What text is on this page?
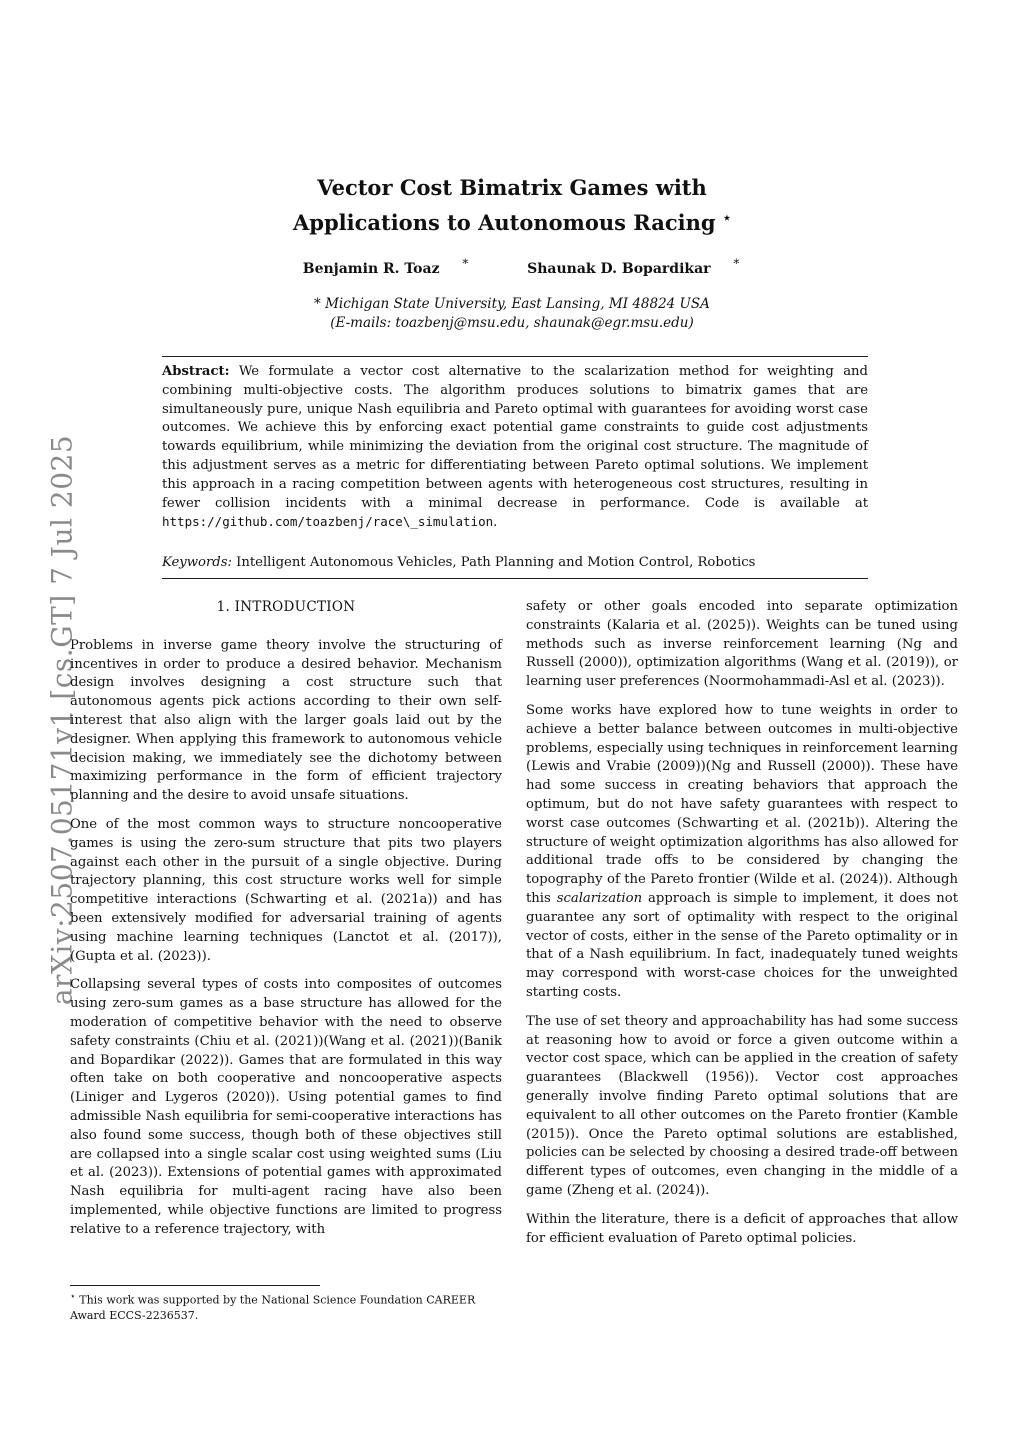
arXiv:2507.05171v1 [cs.GT] 7 Jul 2025
Vector Cost Bimatrix Games with
Applications to Autonomous Racing ⋆
Benjamin R. Toaz *	Shaunak D. Bopardikar *
* Michigan State University, East Lansing, MI 48824 USA
(E-mails: toazbenj@msu.edu, shaunak@egr.msu.edu)
Abstract: We formulate a vector cost alternative to the scalarization method for weighting and combining multi-objective costs. The algorithm produces solutions to bimatrix games that are simultaneously pure, unique Nash equilibria and Pareto optimal with guarantees for avoiding worst case outcomes. We achieve this by enforcing exact potential game constraints to guide cost adjustments towards equilibrium, while minimizing the deviation from the original cost structure. The magnitude of this adjustment serves as a metric for differentiating between Pareto optimal solutions. We implement this approach in a racing competition between agents with heterogeneous cost structures, resulting in fewer collision incidents with a minimal decrease in performance. Code is available at https://github.com/toazbenj/race\_simulation.
Keywords: Intelligent Autonomous Vehicles, Path Planning and Motion Control, Robotics
1. INTRODUCTION

Problems in inverse game theory involve the structuring of incentives in order to produce a desired behavior. Mechanism design involves designing a cost structure such that autonomous agents pick actions according to their own self-interest that also align with the larger goals laid out by the designer. When applying this framework to autonomous vehicle decision making, we immediately see the dichotomy between maximizing performance in the form of efficient trajectory planning and the desire to avoid unsafe situations.

One of the most common ways to structure noncooperative games is using the zero-sum structure that pits two players against each other in the pursuit of a single objective. During trajectory planning, this cost structure works well for simple competitive interactions (Schwarting et al. (2021a)) and has been extensively modified for adversarial training of agents using machine learning techniques (Lanctot et al. (2017)), (Gupta et al. (2023)).

Collapsing several types of costs into composites of outcomes using zero-sum games as a base structure has allowed for the moderation of competitive behavior with the need to observe safety constraints (Chiu et al. (2021))(Wang et al. (2021))(Banik and Bopardikar (2022)). Games that are formulated in this way often take on both cooperative and noncooperative aspects (Liniger and Lygeros (2020)). Using potential games to find admissible Nash equilibria for semi-cooperative interactions has also found some success, though both of these objectives still are collapsed into a single scalar cost using weighted sums (Liu et al. (2023)). Extensions of potential games with approximated Nash equilibria for multi-agent racing have also been implemented, while objective functions are limited to progress relative to a reference trajectory, with

⋆ This work was supported by the National Science Foundation CAREER Award ECCS-2236537.

safety or other goals encoded into separate optimization constraints (Kalaria et al. (2025)). Weights can be tuned using methods such as inverse reinforcement learning (Ng and Russell (2000)), optimization algorithms (Wang et al. (2019)), or learning user preferences (Noormohammadi-Asl et al. (2023)).

Some works have explored how to tune weights in order to achieve a better balance between outcomes in multi-objective problems, especially using techniques in reinforcement learning (Lewis and Vrabie (2009))(Ng and Russell (2000)). These have had some success in creating behaviors that approach the optimum, but do not have safety guarantees with respect to worst case outcomes (Schwarting et al. (2021b)). Altering the structure of weight optimization algorithms has also allowed for additional trade offs to be considered by changing the topography of the Pareto frontier (Wilde et al. (2024)). Although this scalarization approach is simple to implement, it does not guarantee any sort of optimality with respect to the original vector of costs, either in the sense of the Pareto optimality or in that of a Nash equilibrium. In fact, inadequately tuned weights may correspond with worst-case choices for the unweighted starting costs.

The use of set theory and approachability has had some success at reasoning how to avoid or force a given outcome within a vector cost space, which can be applied in the creation of safety guarantees (Blackwell (1956)). Vector cost approaches generally involve finding Pareto optimal solutions that are equivalent to all other outcomes on the Pareto frontier (Kamble (2015)). Once the Pareto optimal solutions are established, policies can be selected by choosing a desired trade-off between different types of outcomes, even changing in the middle of a game (Zheng et al. (2024)).

Within the literature, there is a deficit of approaches that allow for efficient evaluation of Pareto optimal policies.
